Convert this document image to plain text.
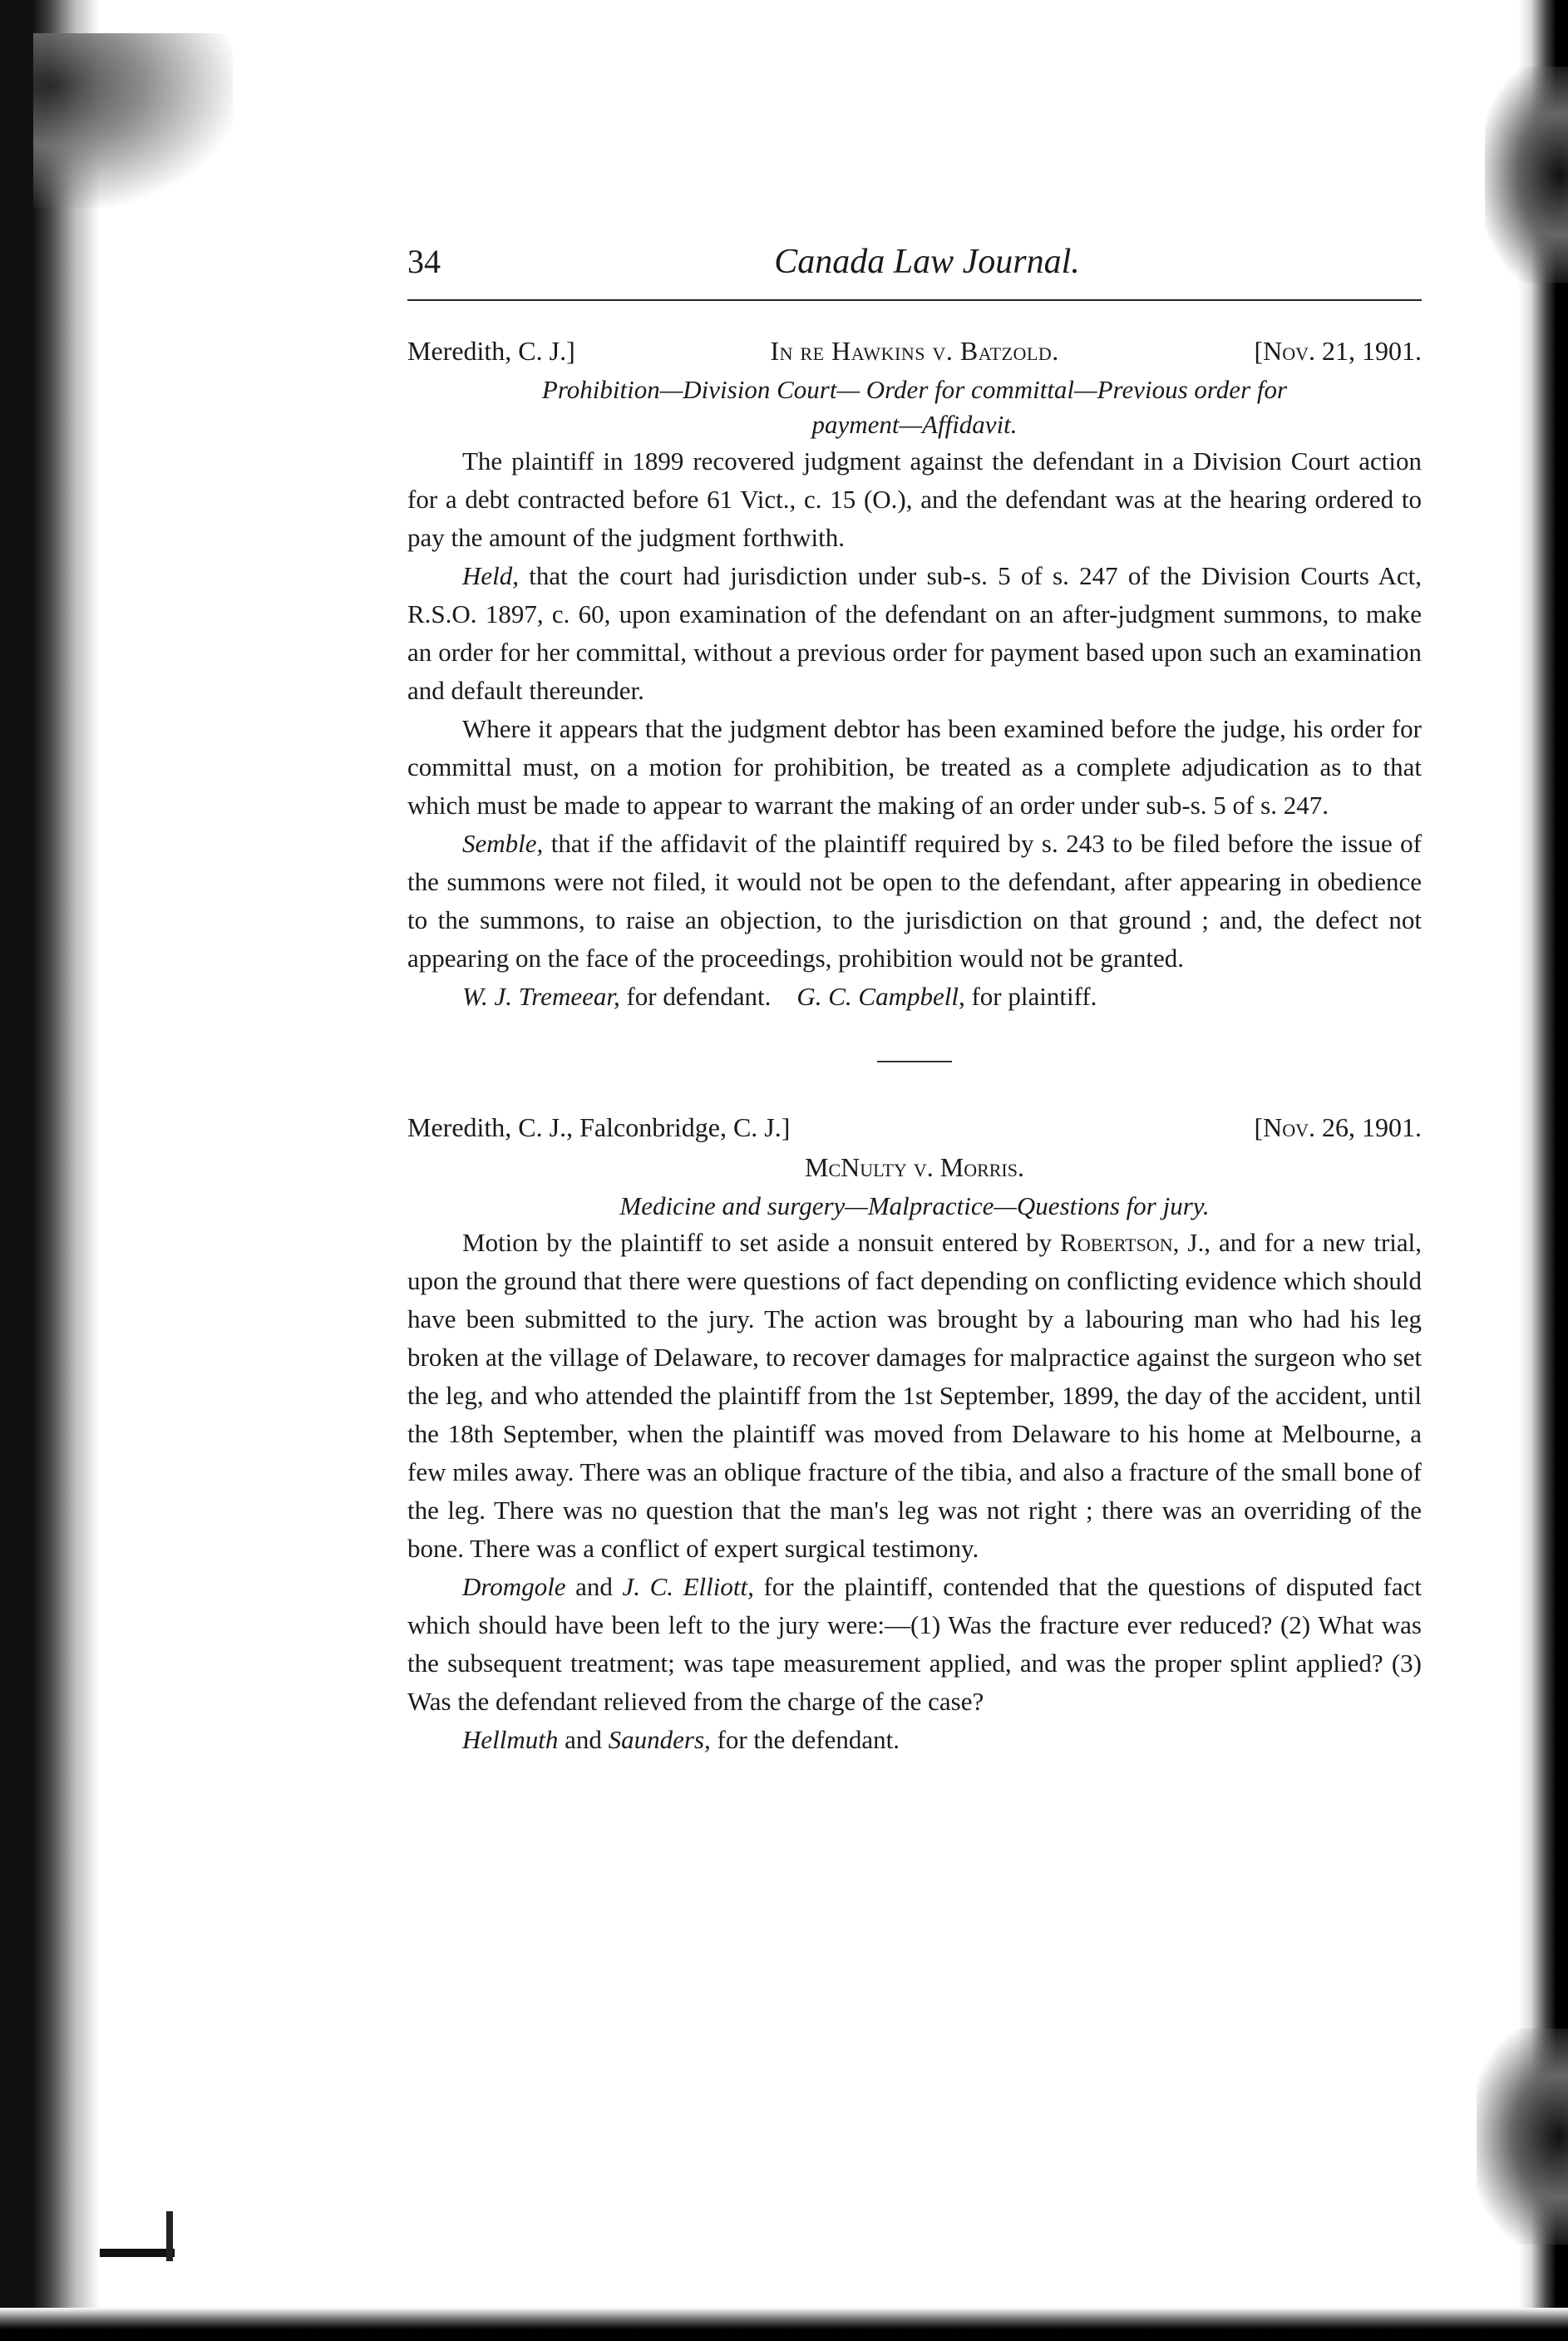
34	Canada Law Journal.
Meredith, C. J.]	In re Hawkins v. Batzold.	[Nov. 21, 1901.
Prohibition—Division Court— Order for committal—Previous order for
payment—Affidavit.

The plaintiff in 1899 recovered judgment against the defendant in a Division Court action for a debt contracted before 61 Vict., c. 15 (O.), and the defendant was at the hearing ordered to pay the amount of the judgment forthwith.

Held, that the court had jurisdiction under sub-s. 5 of s. 247 of the Division Courts Act, R.S.O. 1897, c. 60, upon examination of the defendant on an after-judgment summons, to make an order for her committal, without a previous order for payment based upon such an examination and default thereunder.

Where it appears that the judgment debtor has been examined before the judge, his order for committal must, on a motion for prohibition, be treated as a complete adjudication as to that which must be made to appear to warrant the making of an order under sub-s. 5 of s. 247.

Semble, that if the affidavit of the plaintiff required by s. 243 to be filed before the issue of the summons were not filed, it would not be open to the defendant, after appearing in obedience to the summons, to raise an objection, to the jurisdiction on that ground ; and, the defect not appearing on the face of the proceedings, prohibition would not be granted.

W. J. Tremeear, for defendant. G. C. Campbell, for plaintiff.

Meredith, C. J., Falconbridge, C. J.]	[Nov. 26, 1901.
McNulty v. Morris.
Medicine and surgery—Malpractice—Questions for jury.

Motion by the plaintiff to set aside a nonsuit entered by Robertson, J., and for a new trial, upon the ground that there were questions of fact depending on conflicting evidence which should have been submitted to the jury. The action was brought by a labouring man who had his leg broken at the village of Delaware, to recover damages for malpractice against the surgeon who set the leg, and who attended the plaintiff from the 1st September, 1899, the day of the accident, until the 18th September, when the plaintiff was moved from Delaware to his home at Melbourne, a few miles away. There was an oblique fracture of the tibia, and also a fracture of the small bone of the leg. There was no question that the man's leg was not right ; there was an overriding of the bone. There was a conflict of expert surgical testimony.

Dromgole and J. C. Elliott, for the plaintiff, contended that the questions of disputed fact which should have been left to the jury were:—(1) Was the fracture ever reduced? (2) What was the subsequent treatment; was tape measurement applied, and was the proper splint applied? (3) Was the defendant relieved from the charge of the case?

Hellmuth and Saunders, for the defendant.
